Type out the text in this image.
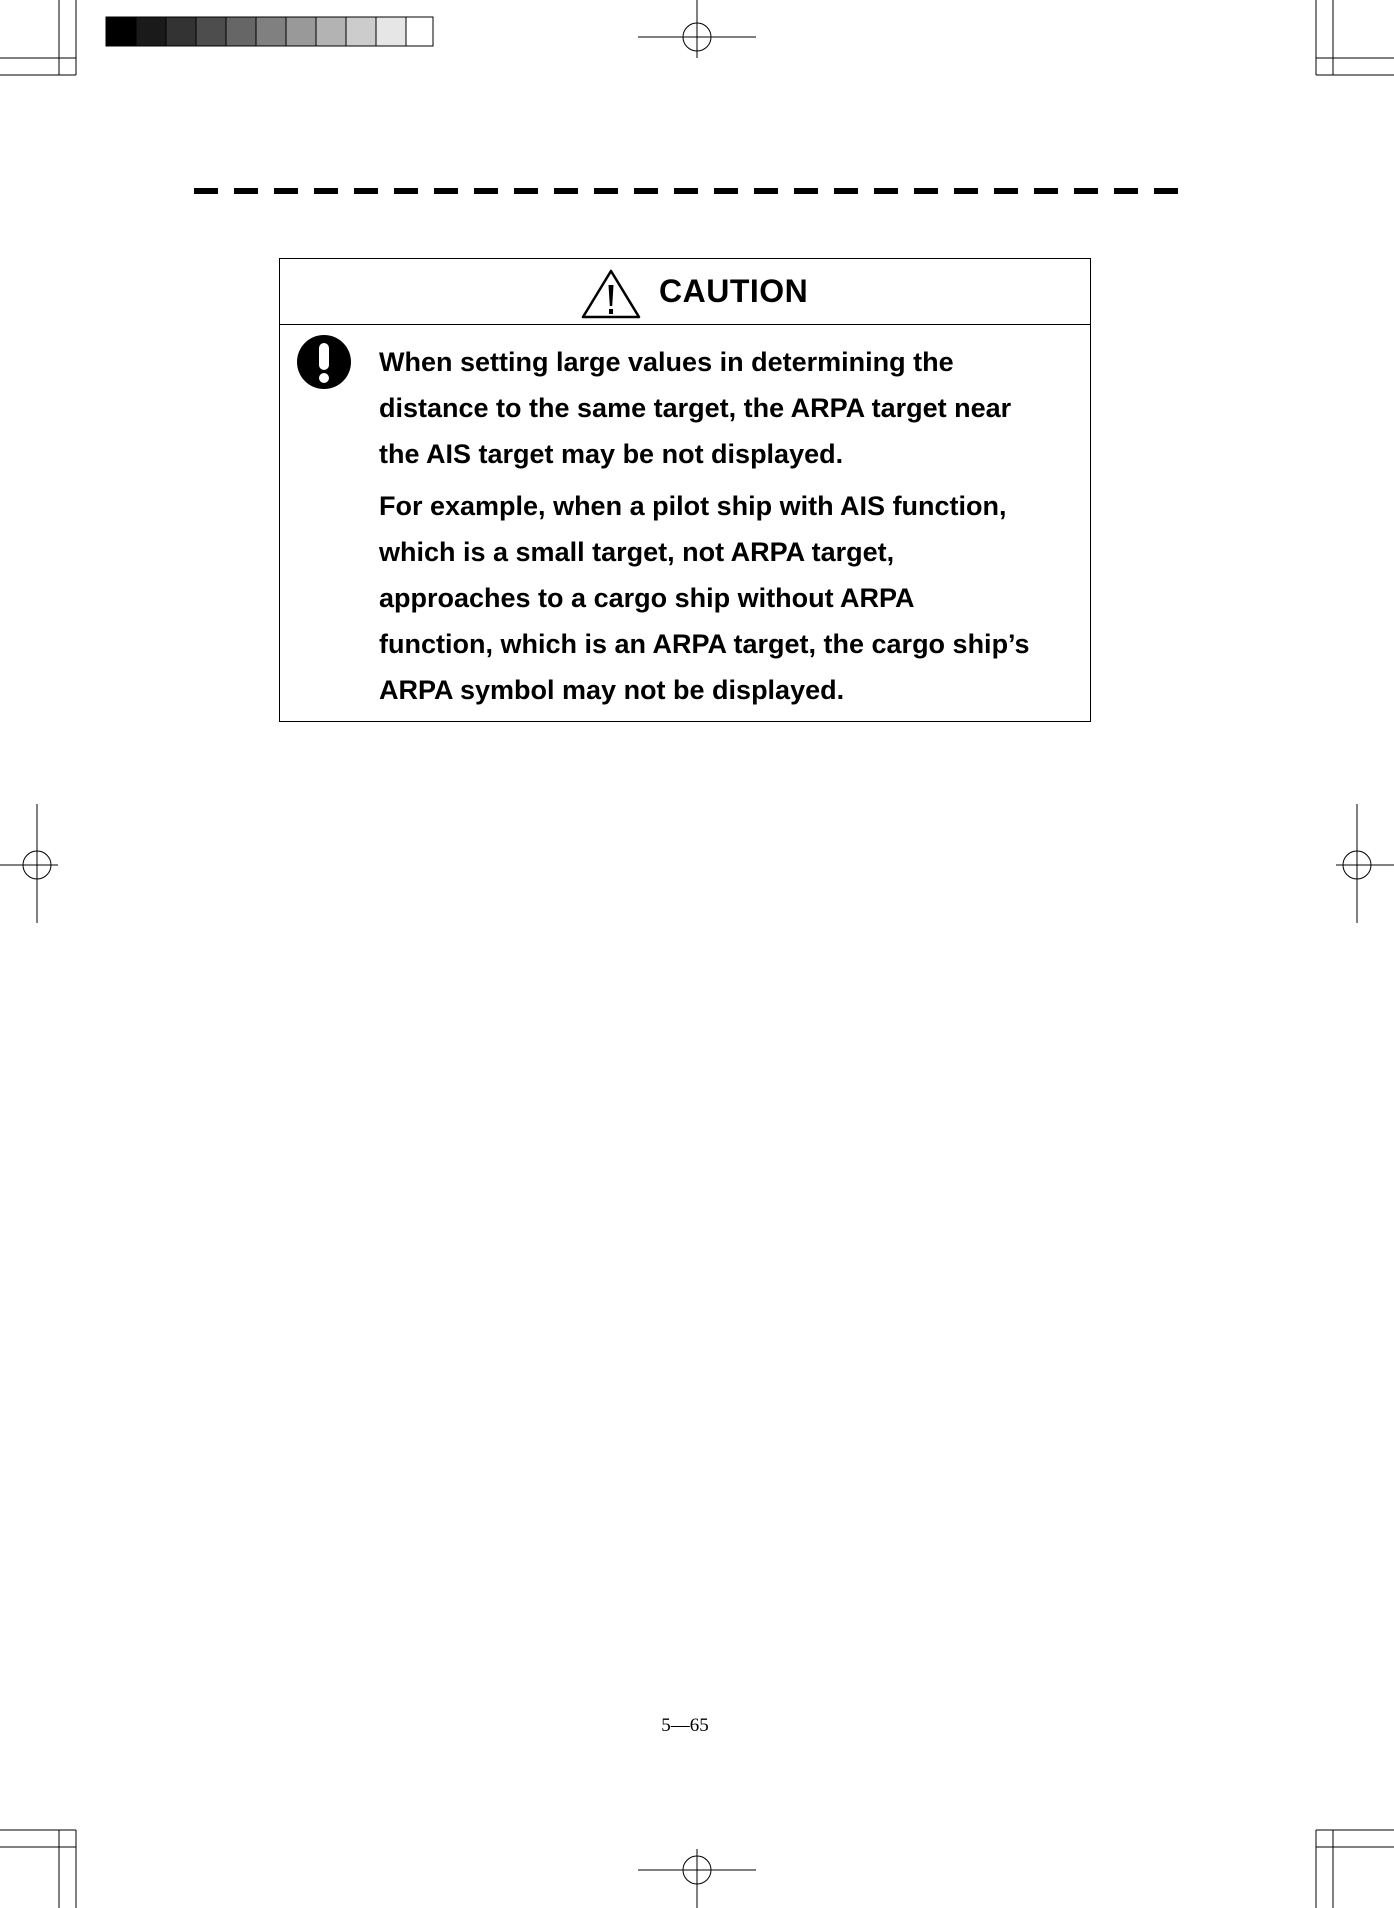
CAUTION
When setting large values in determining the
distance to the same target, the ARPA target near
the AIS target may be not displayed.
For example, when a pilot ship with AIS function,
which is a small target, not ARPA target,
approaches to a cargo ship without ARPA
function, which is an ARPA target, the cargo ship’s
ARPA symbol may not be displayed.
5―65
